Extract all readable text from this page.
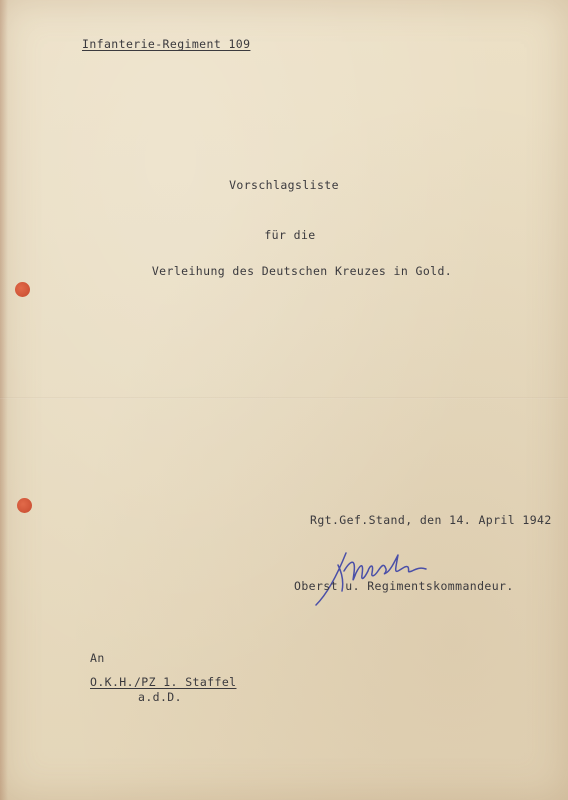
Infanterie-Regiment 109
Vorschlagsliste
für die
Verleihung des Deutschen Kreuzes in Gold.
Rgt.Gef.Stand, den 14. April 1942
Oberst u. Regimentskommandeur.
An
O.K.H./PZ 1. Staffel
a.d.D.
